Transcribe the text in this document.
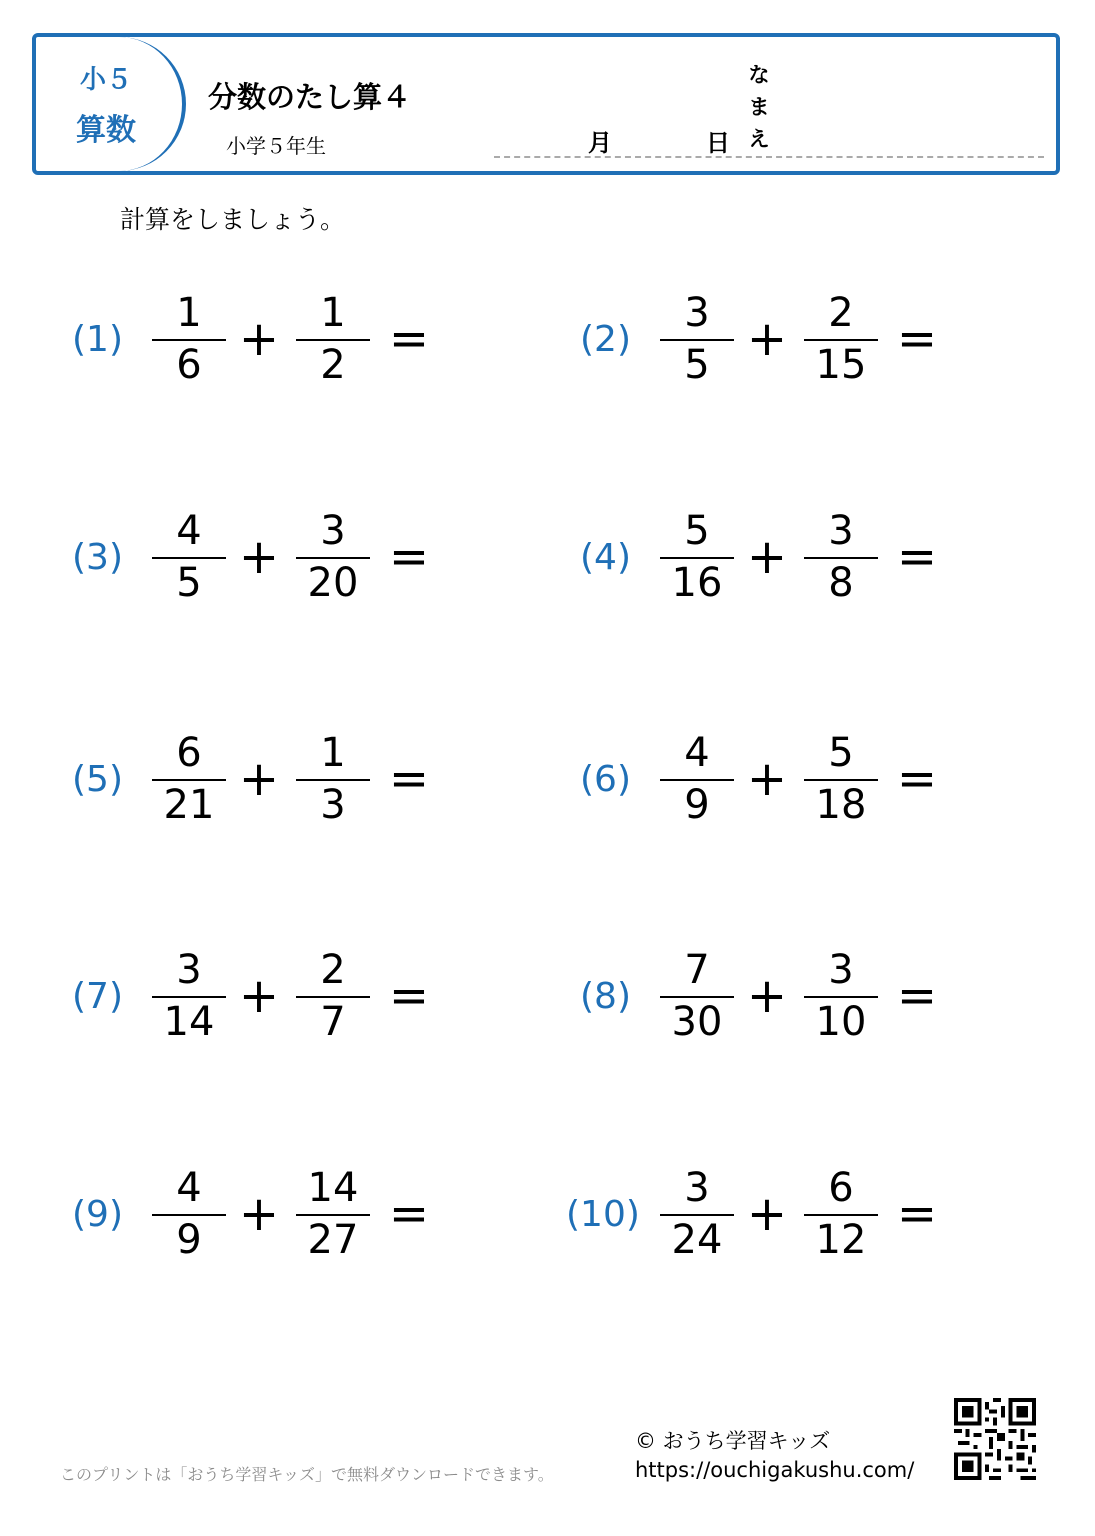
小５
算数
分数のたし算４
小学５年生	月	日
な
ま
え
計算をしましょう。
(1)
1
6 +	1
2 =	(2)
3
5 +	2
15 =
(3)
4
5 +	3
20 =	(4)
5
16 +	3
8 =
(5)
6
21 +	1
3 =	(6)
4
9 +	5
18 =
(7)
3
14 +	2
7 =	(8)
7
30 +	3
10 =
(9)
4
9 + 14
27 =	(10)
3
24 +	6
12 =
このプリントは「おうち学習キッズ」で無料ダウンロードできます。
© おうち学習キッズ
https://ouchigakushu.com/
